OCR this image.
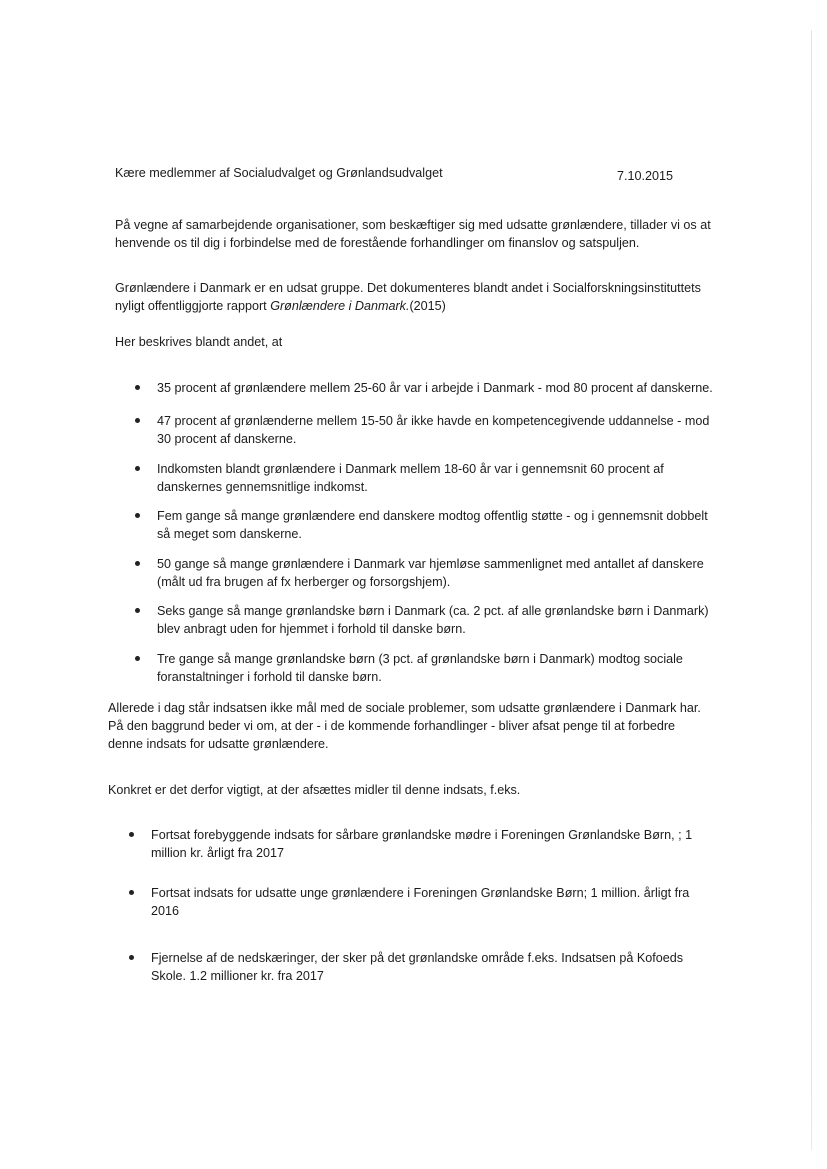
Kære medlemmer af Socialudvalget og Grønlandsudvalget	7.10.2015
På vegne af samarbejdende organisationer, som beskæftiger sig med udsatte grønlændere, tillader vi os at
henvende os til dig i forbindelse med de forestående forhandlinger om finanslov og satspuljen.
Grønlændere i Danmark er en udsat gruppe. Det dokumenteres blandt andet i Socialforskningsinstituttets
nyligt offentliggjorte rapport Grønlændere i Danmark.(2015)
Her beskrives blandt andet, at
35 procent af grønlændere mellem 25-60 år var i arbejde i Danmark - mod 80 procent af danskerne.
47 procent af grønlænderne mellem 15-50 år ikke havde en kompetencegivende uddannelse - mod
30 procent af danskerne.
Indkomsten blandt grønlændere i Danmark mellem 18-60 år var i gennemsnit 60 procent af
danskernes gennemsnitlige indkomst.
Fem gange så mange grønlændere end danskere modtog offentlig støtte - og i gennemsnit dobbelt
så meget som danskerne.
50 gange så mange grønlændere i Danmark var hjemløse sammenlignet med antallet af danskere
(målt ud fra brugen af fx herberger og forsorgshjem).
Seks gange så mange grønlandske børn i Danmark (ca. 2 pct. af alle grønlandske børn i Danmark)
blev anbragt uden for hjemmet i forhold til danske børn.
Tre gange så mange grønlandske børn (3 pct. af grønlandske børn i Danmark) modtog sociale
foranstaltninger i forhold til danske børn.
Allerede i dag står indsatsen ikke mål med de sociale problemer, som udsatte grønlændere i Danmark har.
På den baggrund beder vi om, at der - i de kommende forhandlinger - bliver afsat penge til at forbedre
denne indsats for udsatte grønlændere.
Konkret er det derfor vigtigt, at der afsættes midler til denne indsats, f.eks.
Fortsat forebyggende indsats for sårbare grønlandske mødre i Foreningen Grønlandske Børn, ; 1
million kr. årligt fra 2017
Fortsat indsats for udsatte unge grønlændere i Foreningen Grønlandske Børn; 1 million. årligt fra
2016
Fjernelse af de nedskæringer, der sker på det grønlandske område f.eks. Indsatsen på Kofoeds
Skole. 1.2 millioner kr. fra 2017
